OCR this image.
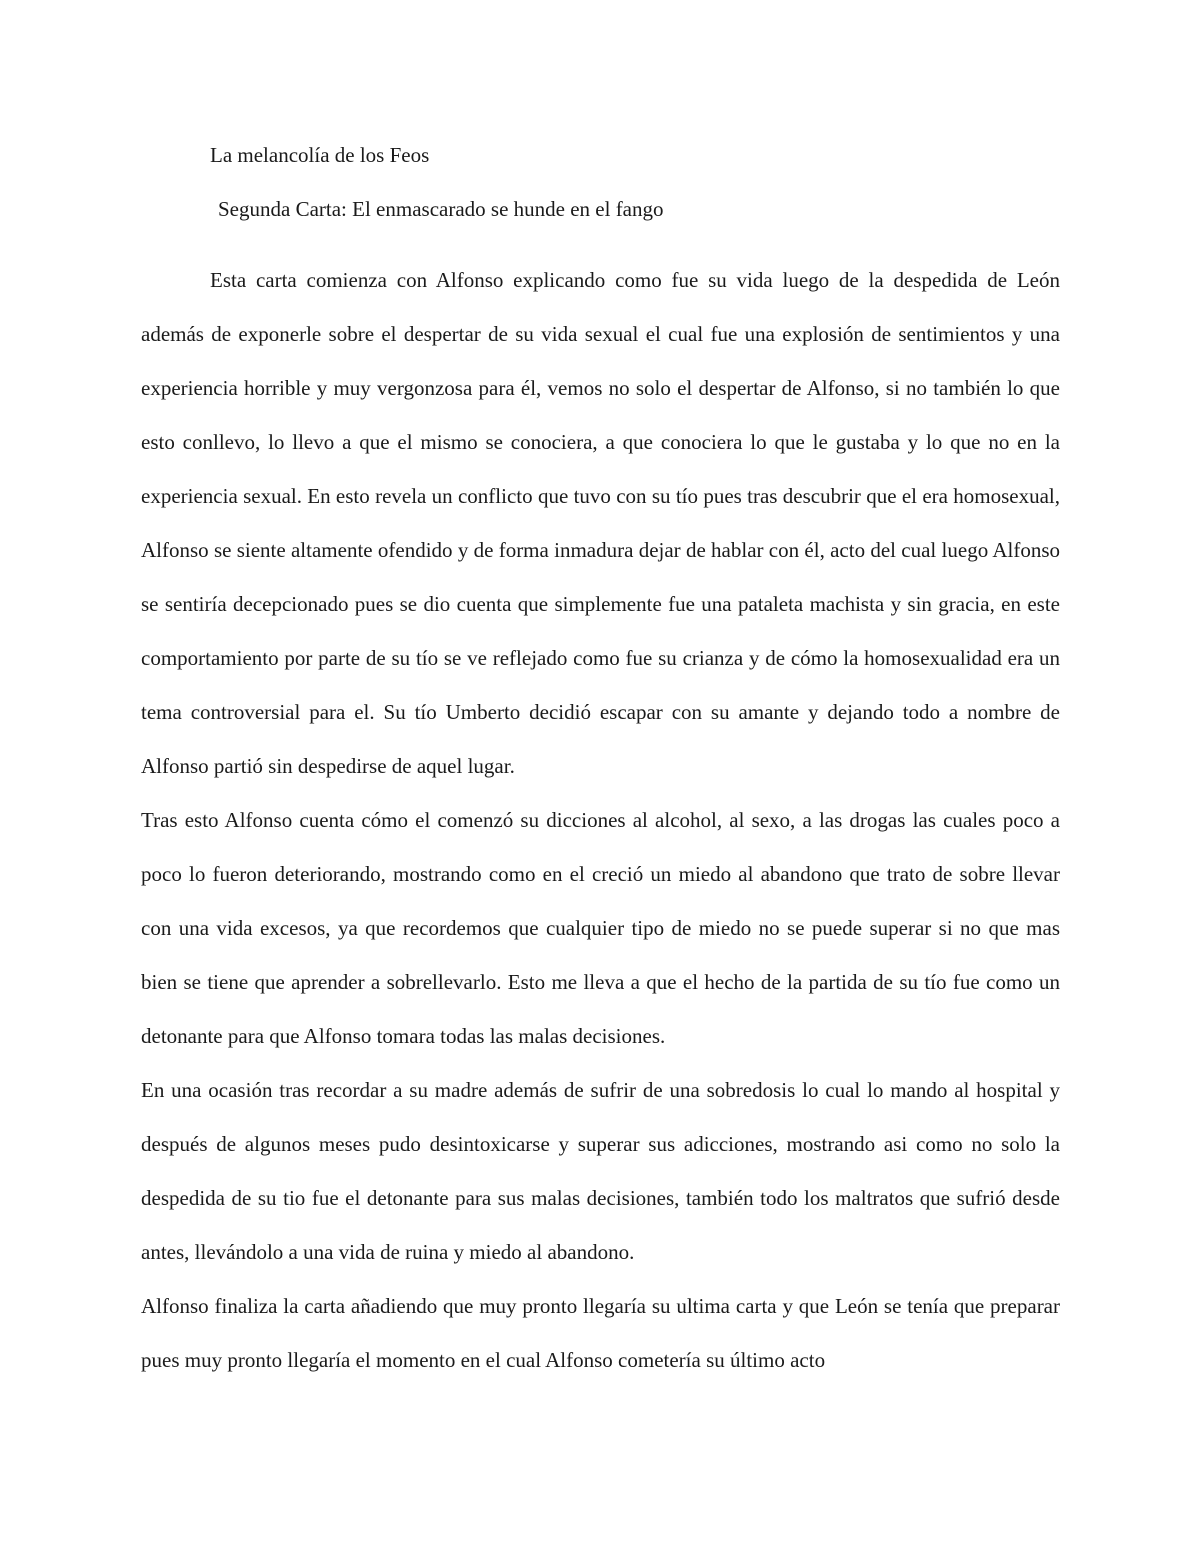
La melancolía de los Feos
Segunda Carta: El enmascarado se hunde en el fango

Esta carta comienza con Alfonso explicando como fue su vida luego de la despedida de León además de exponerle sobre el despertar de su vida sexual el cual fue una explosión de sentimientos y una experiencia horrible y muy vergonzosa para él, vemos no solo el despertar de Alfonso, si no también lo que esto conllevo, lo llevo a que el mismo se conociera, a que conociera lo que le gustaba y lo que no en la experiencia sexual. En esto revela un conflicto que tuvo con su tío pues tras descubrir que el era homosexual, Alfonso se siente altamente ofendido y de forma inmadura dejar de hablar con él, acto del cual luego Alfonso se sentiría decepcionado pues se dio cuenta que simplemente fue una pataleta machista y sin gracia, en este comportamiento por parte de su tío se ve reflejado como fue su crianza y de cómo la homosexualidad era un tema controversial para el. Su tío Umberto decidió escapar con su amante y dejando todo a nombre de Alfonso partió sin despedirse de aquel lugar.

Tras esto Alfonso cuenta cómo el comenzó su dicciones al alcohol, al sexo, a las drogas las cuales poco a poco lo fueron deteriorando, mostrando como en el creció un miedo al abandono que trato de sobre llevar con una vida excesos, ya que recordemos que cualquier tipo de miedo no se puede superar si no que mas bien se tiene que aprender a sobrellevarlo. Esto me lleva a que el hecho de la partida de su tío fue como un detonante para que Alfonso tomara todas las malas decisiones.

En una ocasión tras recordar a su madre además de sufrir de una sobredosis lo cual lo mando al hospital y después de algunos meses pudo desintoxicarse y superar sus adicciones, mostrando asi como no solo la despedida de su tio fue el detonante para sus malas decisiones, también todo los maltratos que sufrió desde antes, llevándolo a una vida de ruina y miedo al abandono.

Alfonso finaliza la carta añadiendo que muy pronto llegaría su ultima carta y que León se tenía que preparar pues muy pronto llegaría el momento en el cual Alfonso cometería su último acto
